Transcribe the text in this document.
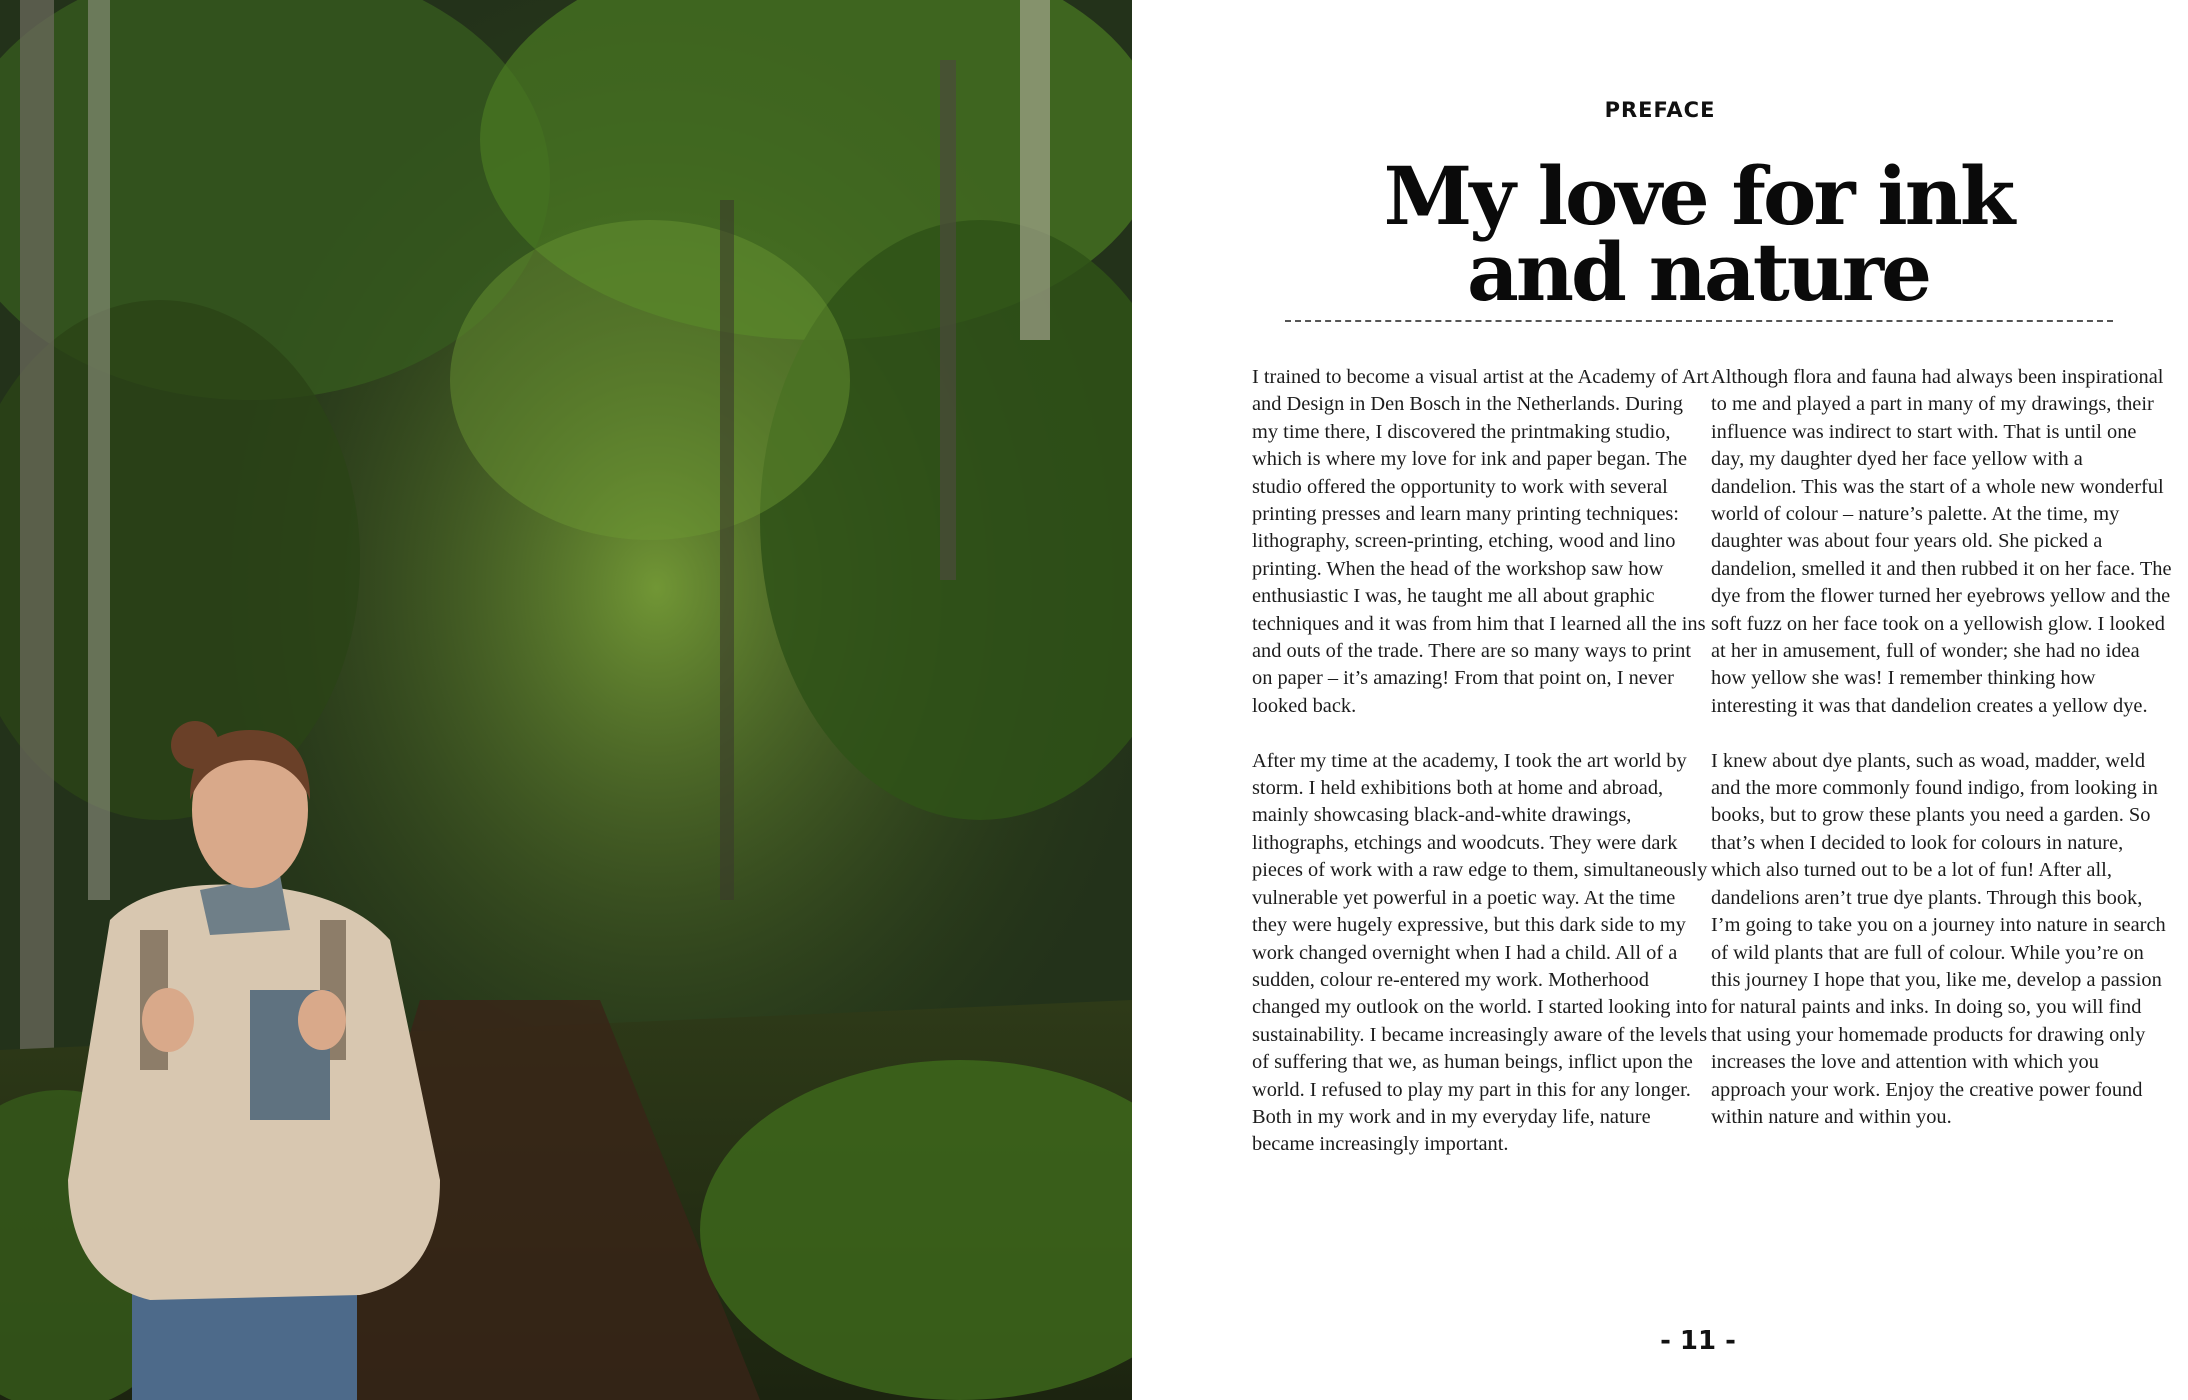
PREFACE
My love for ink
and nature

I trained to become a visual artist at the Academy of Art and Design in Den Bosch in the Netherlands. During my time there, I discovered the printmaking studio, which is where my love for ink and paper began. The studio offered the opportunity to work with several printing presses and learn many printing techniques: lithography, screen-printing, etching, wood and lino printing. When the head of the workshop saw how enthusiastic I was, he taught me all about graphic techniques and it was from him that I learned all the ins and outs of the trade. There are so many ways to print on paper – it’s amazing! From that point on, I never looked back.

After my time at the academy, I took the art world by storm. I held exhibitions both at home and abroad, mainly showcasing black-and-white drawings, lithographs, etchings and woodcuts. They were dark pieces of work with a raw edge to them, simultaneously vulnerable yet powerful in a poetic way. At the time they were hugely expressive, but this dark side to my work changed overnight when I had a child. All of a sudden, colour re-entered my work. Motherhood changed my outlook on the world. I started looking into sustainability. I became increasingly aware of the levels of suffering that we, as human beings, inflict upon the world. I refused to play my part in this for any longer. Both in my work and in my everyday life, nature became increasingly important.

Although flora and fauna had always been inspirational to me and played a part in many of my drawings, their influence was indirect to start with. That is until one day, my daughter dyed her face yellow with a dandelion. This was the start of a whole new wonderful world of colour – nature’s palette. At the time, my daughter was about four years old. She picked a dandelion, smelled it and then rubbed it on her face. The dye from the flower turned her eyebrows yellow and the soft fuzz on her face took on a yellowish glow. I looked at her in amusement, full of wonder; she had no idea how yellow she was! I remember thinking how interesting it was that dandelion creates a yellow dye.

I knew about dye plants, such as woad, madder, weld and the more commonly found indigo, from looking in books, but to grow these plants you need a garden. So that’s when I decided to look for colours in nature, which also turned out to be a lot of fun! After all, dandelions aren’t true dye plants. Through this book, I’m going to take you on a journey into nature in search of wild plants that are full of colour. While you’re on this journey I hope that you, like me, develop a passion for natural paints and inks. In doing so, you will find that using your homemade products for drawing only increases the love and attention with which you approach your work. Enjoy the creative power found within nature and within you.

- 11 -
